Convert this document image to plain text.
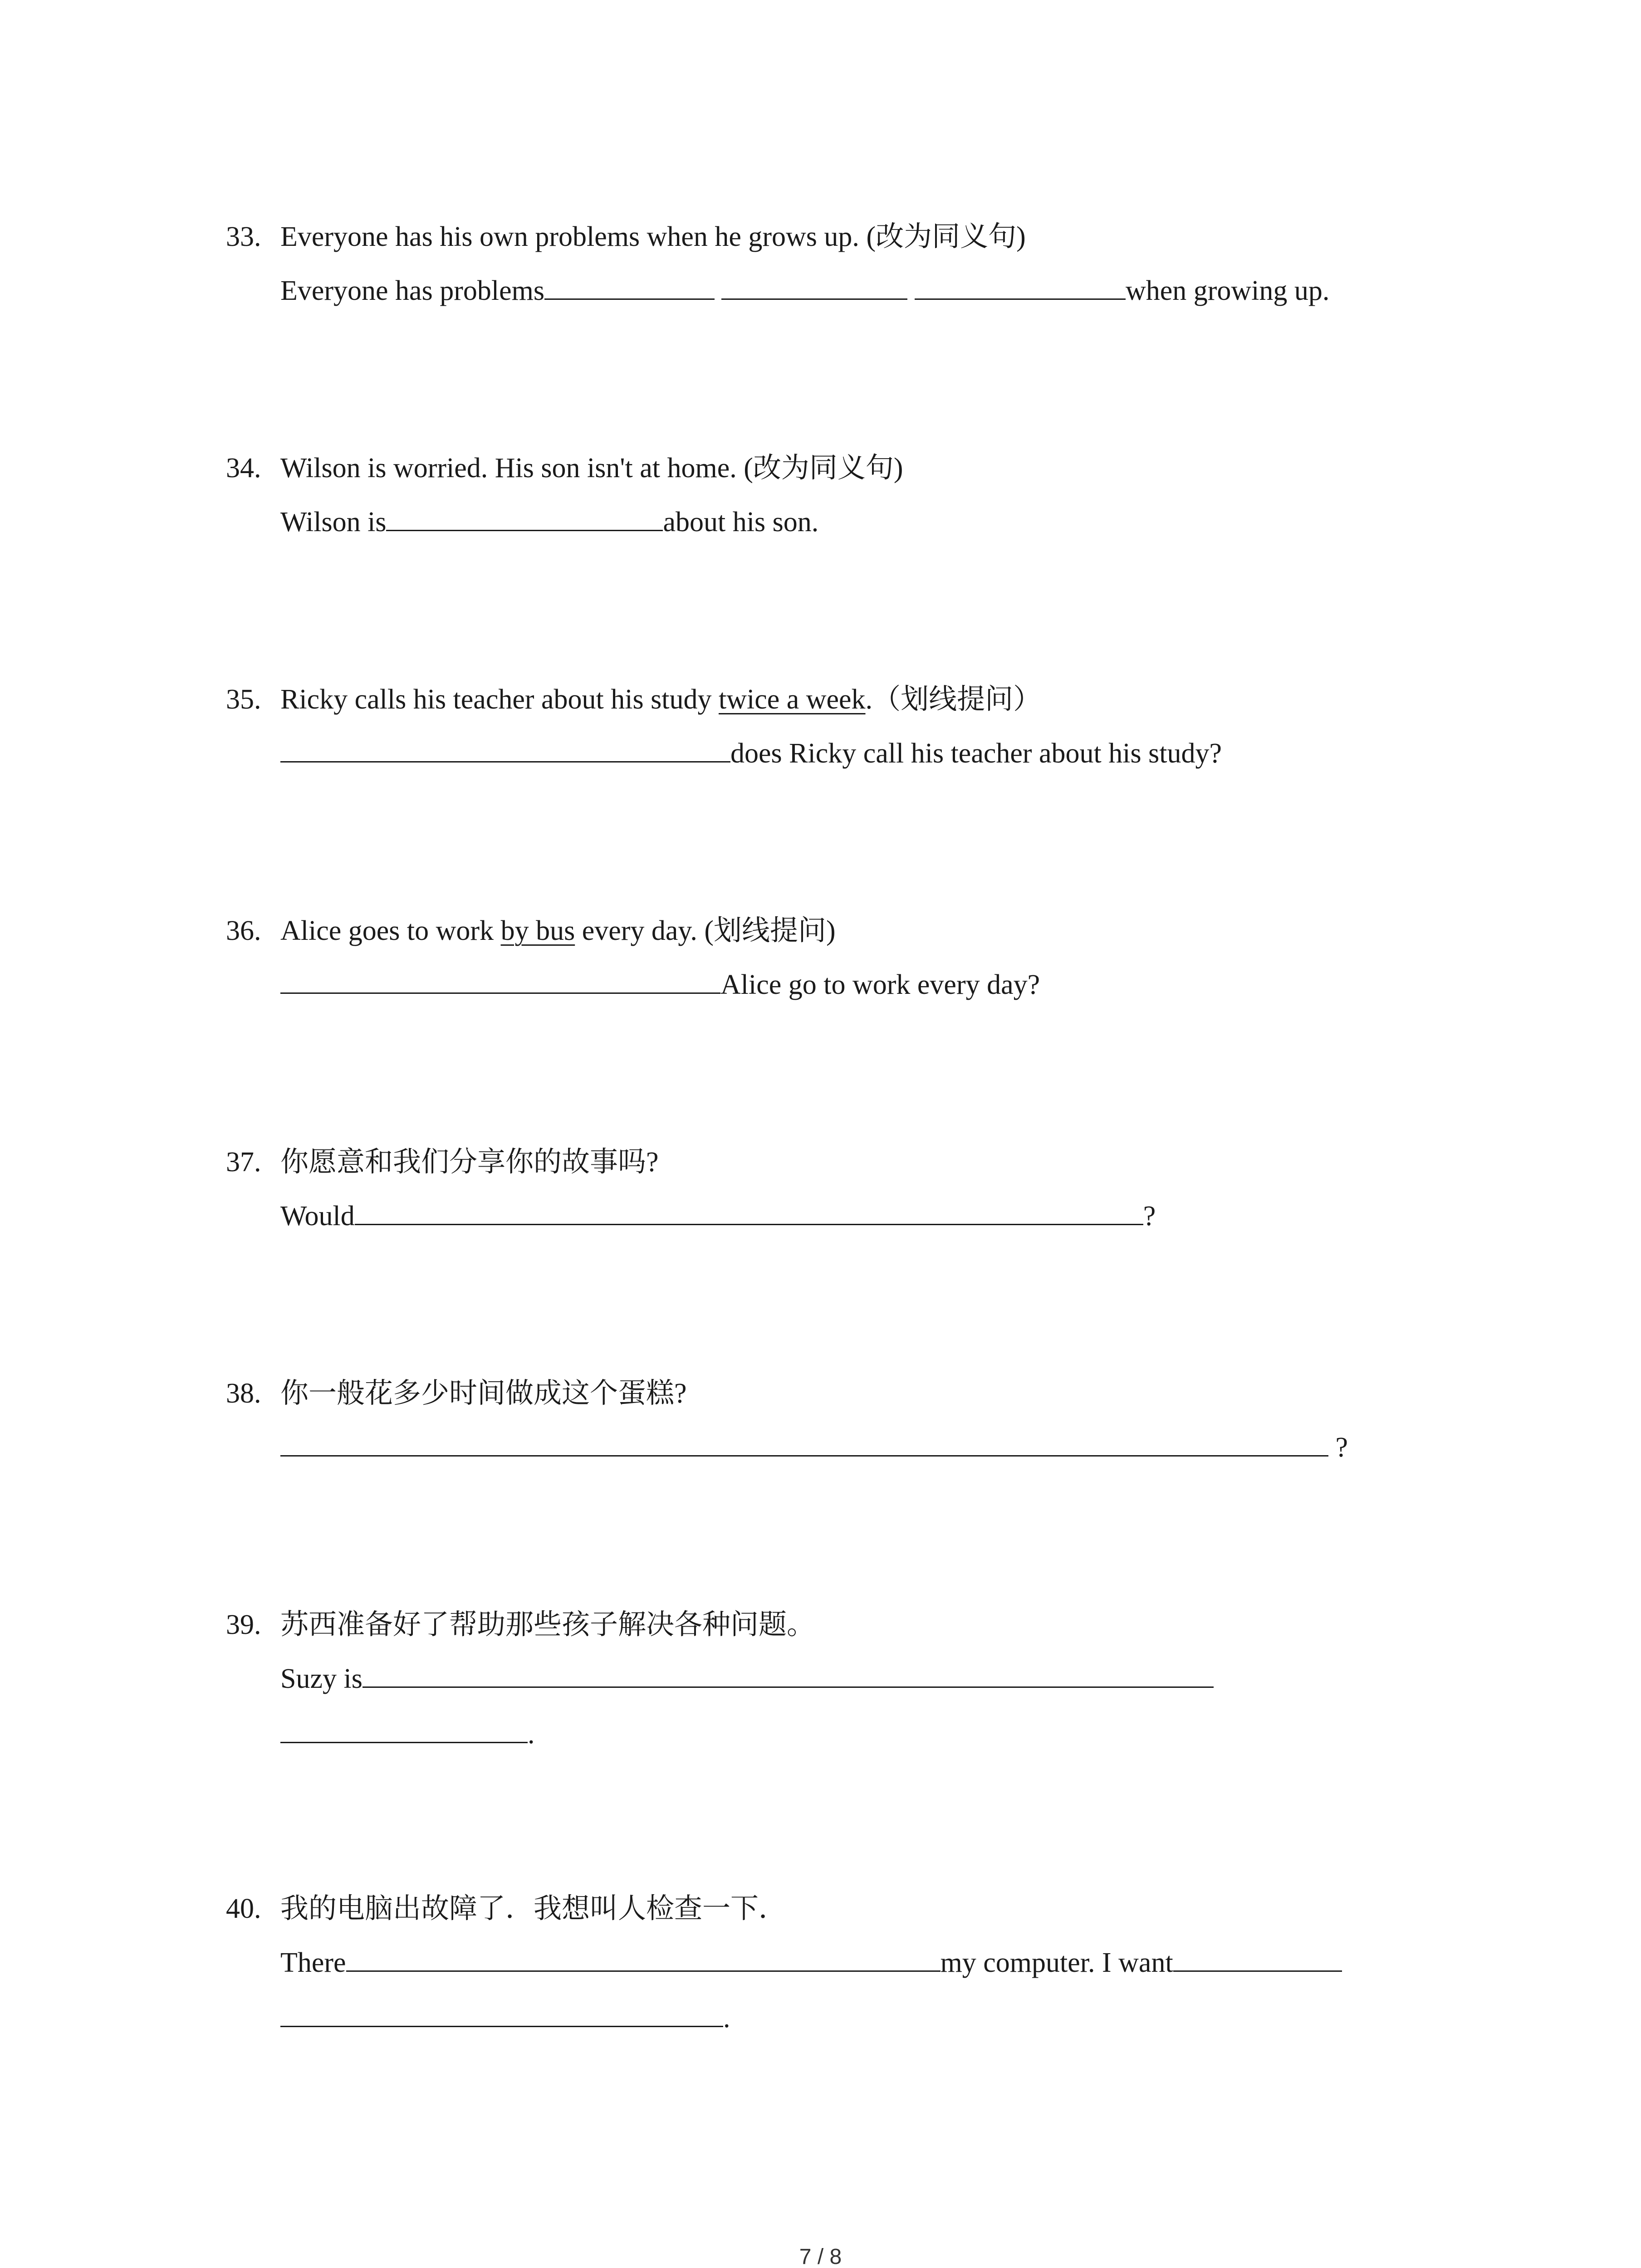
33. Everyone has his own problems when he grows up. (改为同义句)
Everyone has problems	when growing up.
34. Wilson is worried. His son isn't at home. (改为同义句)
Wilson is	about his son.
35. Ricky calls his teacher about his study twice a week.（划线提问）
does Ricky call his teacher about his study?
36. Alice goes to work by bus every day. (划线提问)
Alice go to work every day?
37. 你愿意和我们分享你的故事吗?
Would	?
38. 你一般花多少时间做成这个蛋糕?
?
39. 苏西准备好了帮助那些孩子解决各种问题。
Suzy is
.
40. 我的电脑出故障了．我想叫人检查一下．
There	my computer. I want
.
7 / 8
